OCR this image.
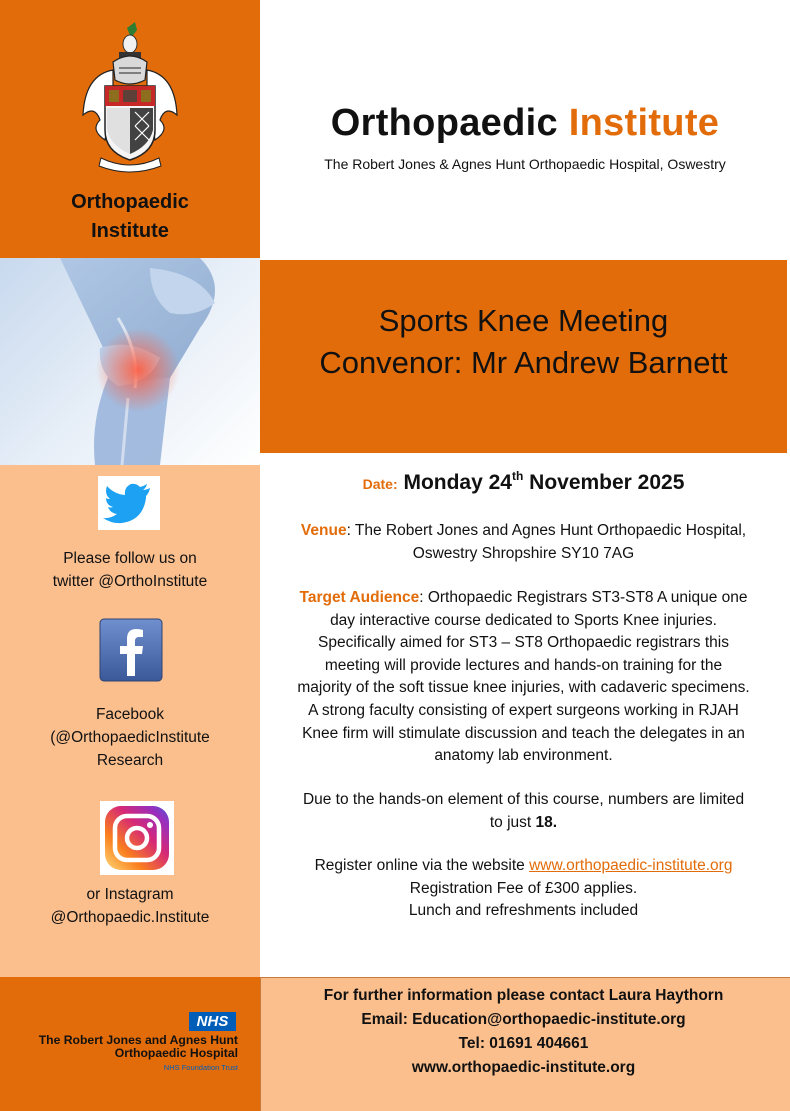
Orthopaedic
Institute
Orthopaedic Institute
The Robert Jones & Agnes Hunt Orthopaedic Hospital, Oswestry
Sports Knee Meeting
Convenor: Mr Andrew Barnett
Please follow us on
twitter @OrthoInstitute
Facebook
(@OrthopaedicInstitute
Research
or Instagram
@Orthopaedic.Institute
Date: Monday 24th November 2025
Venue: The Robert Jones and Agnes Hunt Orthopaedic Hospital,
Oswestry Shropshire SY10 7AG
Target Audience: Orthopaedic Registrars ST3-ST8 A unique one
day interactive course dedicated to Sports Knee injuries.
Specifically aimed for ST3 – ST8 Orthopaedic registrars this
meeting will provide lectures and hands-on training for the
majority of the soft tissue knee injuries, with cadaveric specimens.
A strong faculty consisting of expert surgeons working in RJAH
Knee firm will stimulate discussion and teach the delegates in an
anatomy lab environment.
Due to the hands-on element of this course, numbers are limited
to just 18.
Register online via the website www.orthopaedic-institute.org
Registration Fee of £300 applies.
Lunch and refreshments included
NHS
The Robert Jones and Agnes Hunt
Orthopaedic Hospital
NHS Foundation Trust
For further information please contact Laura Haythorn
Email: Education@orthopaedic-institute.org
Tel: 01691 404661
www.orthopaedic-institute.org
